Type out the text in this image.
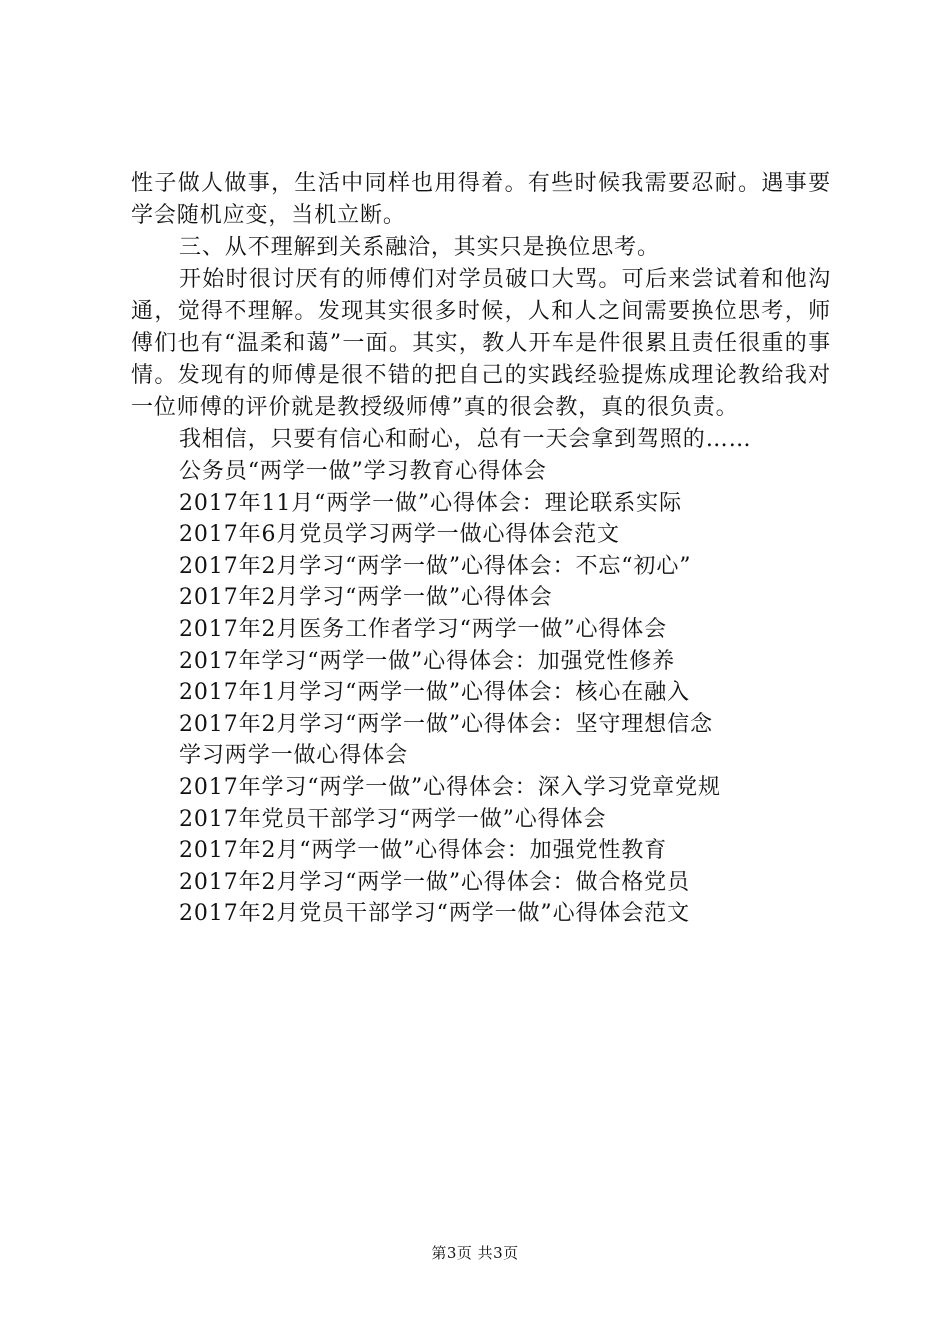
性子做人做事，生活中同样也用得着。有些时候我需要忍耐。遇事要学会随机应变，当机立断。

三、从不理解到关系融洽，其实只是换位思考。

开始时很讨厌有的师傅们对学员破口大骂。可后来尝试着和他沟通，觉得不理解。发现其实很多时候，人和人之间需要换位思考，师傅们也有“温柔和蔼”一面。其实，教人开车是件很累且责任很重的事情。发现有的师傅是很不错的把自己的实践经验提炼成理论教给我对一位师傅的评价就是教授级师傅”真的很会教，真的很负责。

我相信，只要有信心和耐心，总有一天会拿到驾照的……

公务员“两学一做”学习教育心得体会
2017年11月“两学一做”心得体会：理论联系实际
2017年6月党员学习两学一做心得体会范文
2017年2月学习“两学一做”心得体会：不忘“初心”
2017年2月学习“两学一做”心得体会
2017年2月医务工作者学习“两学一做”心得体会
2017年学习“两学一做”心得体会：加强党性修养
2017年1月学习“两学一做”心得体会：核心在融入
2017年2月学习“两学一做”心得体会：坚守理想信念
学习两学一做心得体会
2017年学习“两学一做”心得体会：深入学习党章党规
2017年党员干部学习“两学一做”心得体会
2017年2月“两学一做”心得体会：加强党性教育
2017年2月学习“两学一做”心得体会：做合格党员
2017年2月党员干部学习“两学一做”心得体会范文
第3页 共3页
